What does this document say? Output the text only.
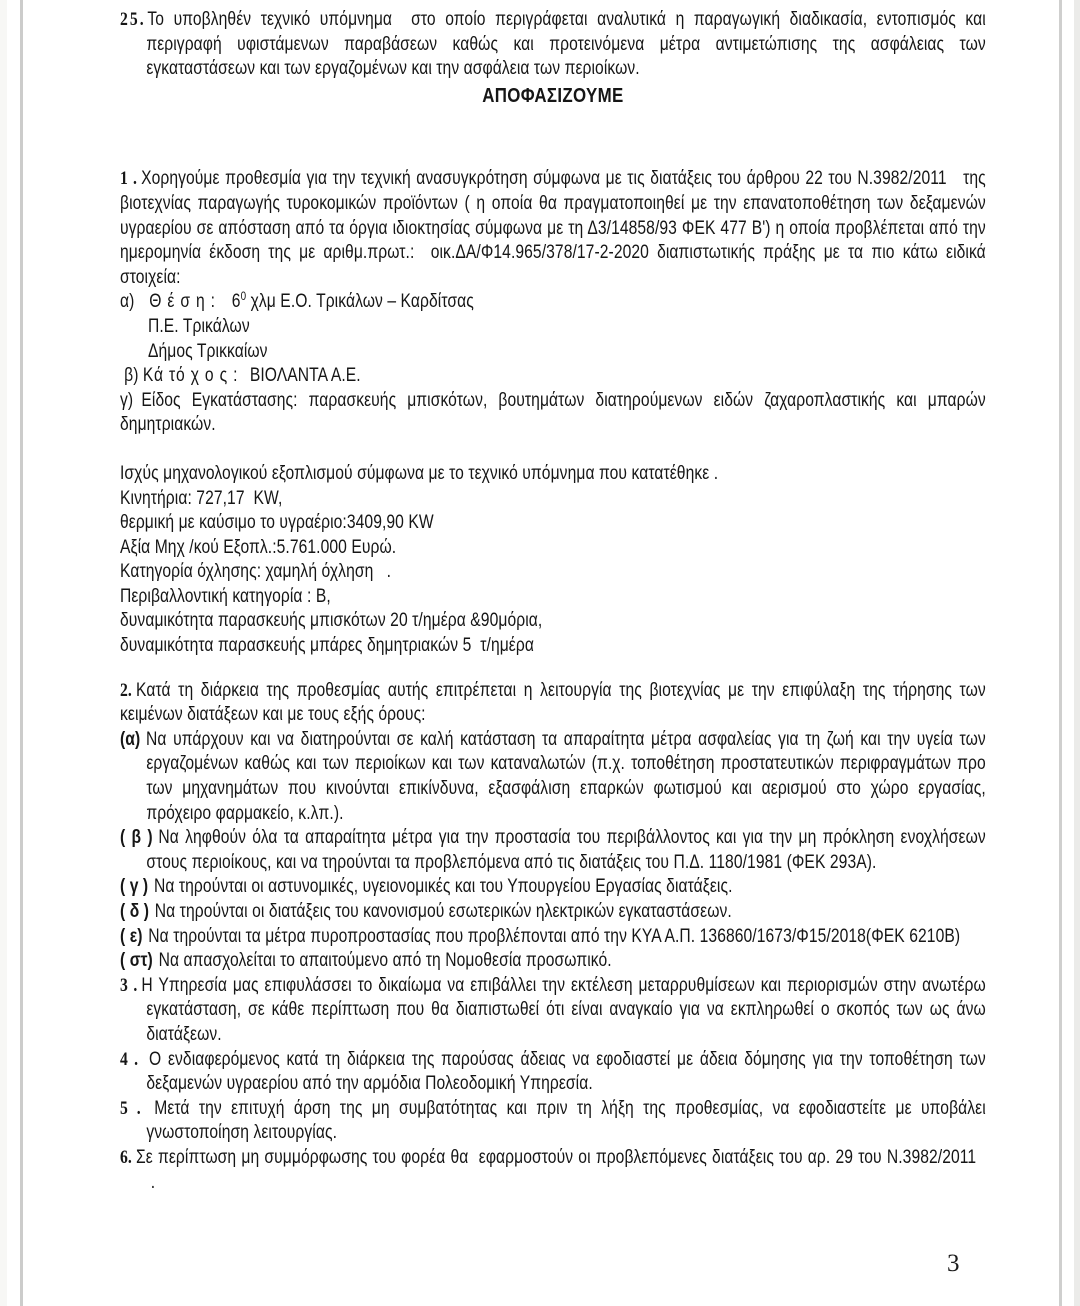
25.Το υποβληθέν τεχνικό υπόμνημα  στο οποίο περιγράφεται αναλυτικά η παραγωγική διαδικασία, εντοπισμός και περιγραφή υφιστάμενων παραβάσεων καθώς και προτεινόμενα μέτρα αντιμετώπισης της ασφάλειας των εγκαταστάσεων και των εργαζομένων και την ασφάλεια των περιοίκων.

ΑΠΟΦΑΣΙΖΟΥΜΕ

1 . Χορηγούμε προθεσμία για την τεχνική ανασυγκρότηση σύμφωνα με τις διατάξεις του άρθρου 22 του Ν.3982/2011   της βιοτεχνίας παραγωγής τυροκομικών προϊόντων ( η οποία θα πραγματοποιηθεί με την επανατοποθέτηση των δεξαμενών υγραερίου σε απόσταση από τα όργια ιδιοκτησίας σύμφωνα με τη Δ3/14858/93 ΦΕΚ 477 Β') η οποία προβλέπεται από την ημερομηνία έκδοση της με αριθμ.πρωτ.:  οικ.ΔΑ/Φ14.965/378/17-2-2020 διαπιστωτικής πράξης με τα πιο κάτω ειδικά στοιχεία:

α) Θ έ σ η : $6^0$ χλμ Ε.Ο. Τρικάλων – Καρδίτσας
Π.Ε. Τρικάλων
Δήμος Τρικκαίων
β) Κά τό χ ο ς : ΒΙΟΛΑΝΤΑ Α.Ε.

γ) Είδος Εγκατάστασης: παρασκευής μπισκότων, βουτημάτων διατηρούμενων ειδών ζαχαροπλαστικής και μπαρών δημητριακών.

Ισχύς μηχανολογικού εξοπλισμού σύμφωνα με το τεχνικό υπόμνημα που κατατέθηκε .

Κινητήρια: 727,17  KW,

θερμική με καύσιμο το υγραέριο:3409,90 KW

Αξία Μηχ /κού Εξοπλ.:5.761.000 Ευρώ.

Κατηγορία όχλησης: χαμηλή όχληση   .

Περιβαλλοντική κατηγορία : Β,

δυναμικότητα παρασκευής μπισκότων 20 τ/ημέρα &90μόρια,

δυναμικότητα παρασκευής μπάρες δημητριακών 5  τ/ημέρα

2. Κατά τη διάρκεια της προθεσμίας αυτής επιτρέπεται η λειτουργία της βιοτεχνίας με την επιφύλαξη της τήρησης των κειμένων διατάξεων και με τους εξής όρους:

(α) Να υπάρχουν και να διατηρούνται σε καλή κατάσταση τα απαραίτητα μέτρα ασφαλείας για τη ζωή και την υγεία των εργαζομένων καθώς και των περιοίκων και των καταναλωτών (π.χ. τοποθέτηση προστατευτικών περιφραγμάτων προ των μηχανημάτων που κινούνται επικίνδυνα, εξασφάλιση επαρκών φωτισμού και αερισμού στο χώρο εργασίας, πρόχειρο φαρμακείο, κ.λπ.).

( β ) Να ληφθούν όλα τα απαραίτητα μέτρα για την προστασία του περιβάλλοντος και για την μη πρόκληση ενοχλήσεων στους περιοίκους, και να τηρούνται τα προβλεπόμενα από τις διατάξεις του Π.Δ. 1180/1981 (ΦΕΚ 293Α).

( γ ) Να τηρούνται οι αστυνομικές, υγειονομικές και του Υπουργείου Εργασίας διατάξεις.

( δ ) Να τηρούνται οι διατάξεις του κανονισμού εσωτερικών ηλεκτρικών εγκαταστάσεων.

( ε) Να τηρούνται τα μέτρα πυροπροστασίας που προβλέπονται από την ΚΥΑ Α.Π. 136860/1673/Φ15/2018(ΦΕΚ 6210Β)

( στ) Να απασχολείται το απαιτούμενο από τη Νομοθεσία προσωπικό.

3 . Η Υπηρεσία μας επιφυλάσσει το δικαίωμα να επιβάλλει την εκτέλεση μεταρρυθμίσεων και περιορισμών στην ανωτέρω εγκατάσταση, σε κάθε περίπτωση που θα διαπιστωθεί ότι είναι αναγκαίο για να εκπληρωθεί ο σκοπός των ως άνω διατάξεων.

4 . Ο ενδιαφερόμενος κατά τη διάρκεια της παρούσας άδειας να εφοδιαστεί με άδεια δόμησης για την τοποθέτηση των δεξαμενών υγραερίου από την αρμόδια Πολεοδομική Υπηρεσία.

5 . Μετά την επιτυχή άρση της μη συμβατότητας και πριν τη λήξη της προθεσμίας, να εφοδιαστείτε με υποβάλει γνωστοποίηση λειτουργίας.

6. Σε περίπτωση μη συμμόρφωσης του φορέα θα  εφαρμοστούν οι προβλεπόμενες διατάξεις του αρ. 29 του Ν.3982/2011    .

3
